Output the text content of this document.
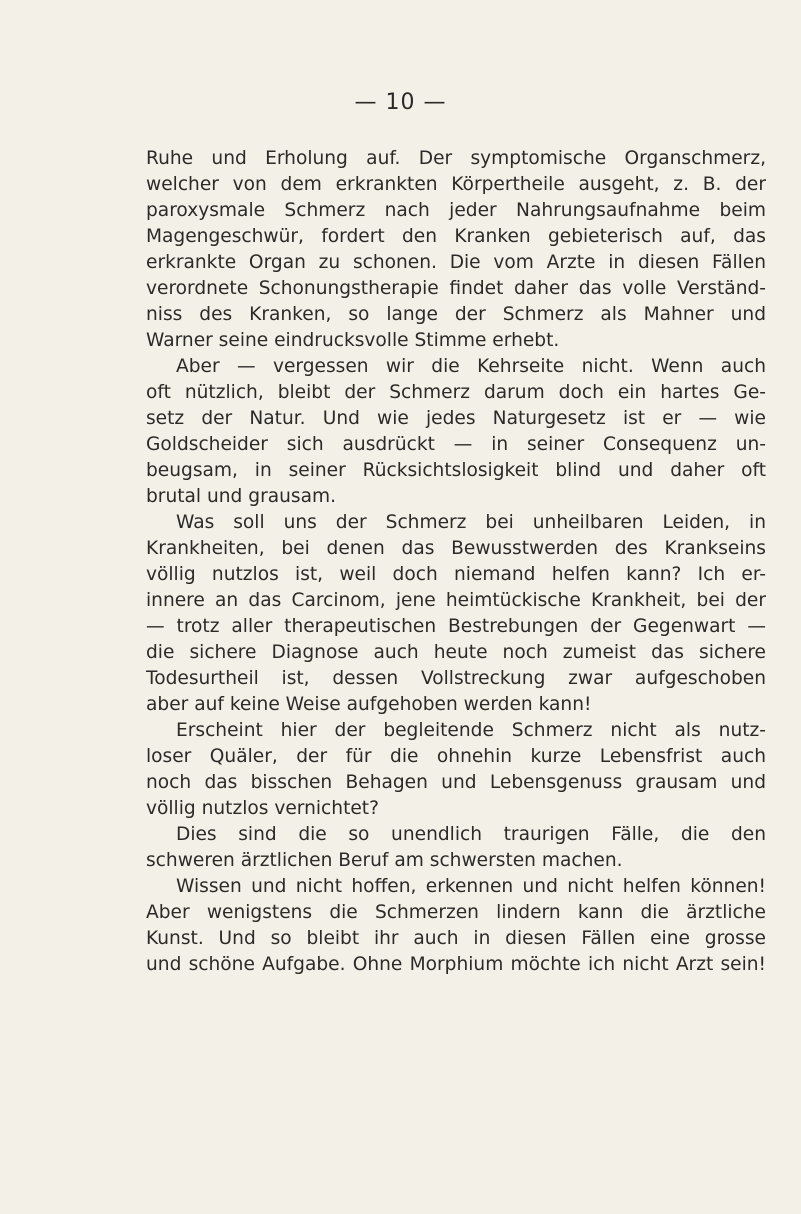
— 10 —
Ruhe und Erholung auf. Der symptomische Organschmerz,
welcher von dem erkrankten Körpertheile ausgeht, z. B. der
paroxysmale Schmerz nach jeder Nahrungsaufnahme beim
Magengeschwür, fordert den Kranken gebieterisch auf, das
erkrankte Organ zu schonen. Die vom Arzte in diesen Fällen
verordnete Schonungstherapie findet daher das volle Verständ-
niss des Kranken, so lange der Schmerz als Mahner und
Warner seine eindrucksvolle Stimme erhebt.
Aber — vergessen wir die Kehrseite nicht. Wenn auch
oft nützlich, bleibt der Schmerz darum doch ein hartes Ge-
setz der Natur. Und wie jedes Naturgesetz ist er — wie
Goldscheider sich ausdrückt — in seiner Consequenz un-
beugsam, in seiner Rücksichtslosigkeit blind und daher oft
brutal und grausam.
Was soll uns der Schmerz bei unheilbaren Leiden, in
Krankheiten, bei denen das Bewusstwerden des Krankseins
völlig nutzlos ist, weil doch niemand helfen kann? Ich er-
innere an das Carcinom, jene heimtückische Krankheit, bei der
— trotz aller therapeutischen Bestrebungen der Gegenwart —
die sichere Diagnose auch heute noch zumeist das sichere
Todesurtheil ist, dessen Vollstreckung zwar aufgeschoben
aber auf keine Weise aufgehoben werden kann!
Erscheint hier der begleitende Schmerz nicht als nutz-
loser Quäler, der für die ohnehin kurze Lebensfrist auch
noch das bisschen Behagen und Lebensgenuss grausam und
völlig nutzlos vernichtet?
Dies sind die so unendlich traurigen Fälle, die den
schweren ärztlichen Beruf am schwersten machen.
Wissen und nicht hoffen, erkennen und nicht helfen können!
Aber wenigstens die Schmerzen lindern kann die ärztliche
Kunst. Und so bleibt ihr auch in diesen Fällen eine grosse
und schöne Aufgabe. Ohne Morphium möchte ich nicht Arzt sein!
